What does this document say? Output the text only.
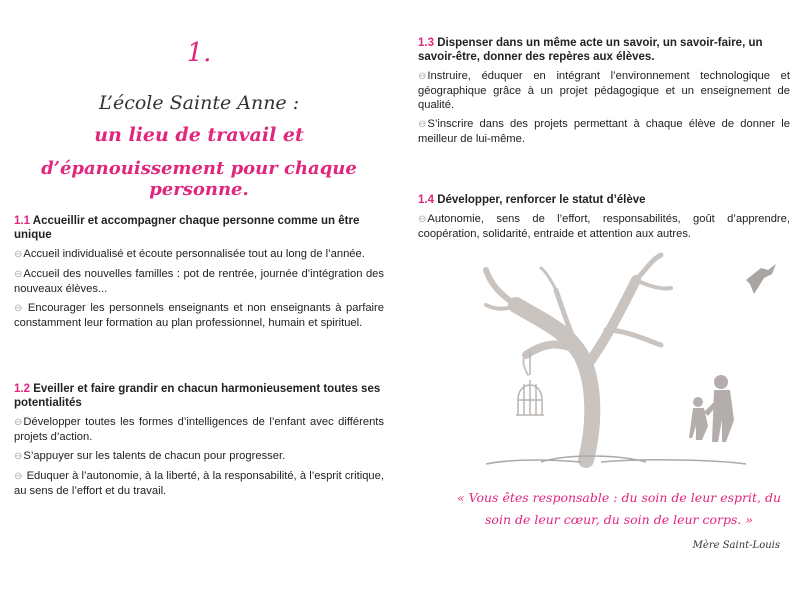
1.
L’école Sainte Anne :
un lieu de travail et
d’épanouissement pour chaque personne.
1.1 Accueillir et accompagner chaque personne comme un être unique
⊖Accueil individualisé et écoute personnalisée tout au long de l’année.
⊖Accueil des nouvelles familles : pot de rentrée, journée d’intégration des nouveaux élèves...
⊖ Encourager les personnels enseignants et non enseignants à parfaire constamment leur formation au plan professionnel, humain et spirituel.
1.2 Eveiller et faire grandir en chacun harmonieusement toutes ses potentialités
⊖Développer toutes les formes d’intelligences de l’enfant avec différents projets d’action.
⊖S’appuyer sur les talents de chacun pour progresser.
⊖ Eduquer à l’autonomie, à la liberté, à la responsabilité, à l’esprit critique, au sens de l’effort et du travail.
1.3 Dispenser dans un même acte un savoir, un savoir-faire, un savoir-être, donner des repères aux élèves.
⊖Instruire, éduquer en intégrant l’environnement technologique et géographique grâce à un projet pédagogique et un enseignement de qualité.
⊖S’inscrire dans des projets permettant à chaque élève de donner le meilleur de lui-même.
1.4 Développer, renforcer le statut d’élève
⊖Autonomie, sens de l’effort, responsabilités, goût d’apprendre, coopération, solidarité, entraide et attention aux autres.
« Vous êtes responsable : du soin de leur esprit, du soin de leur cœur, du soin de leur corps. »
Mère Saint-Louis
